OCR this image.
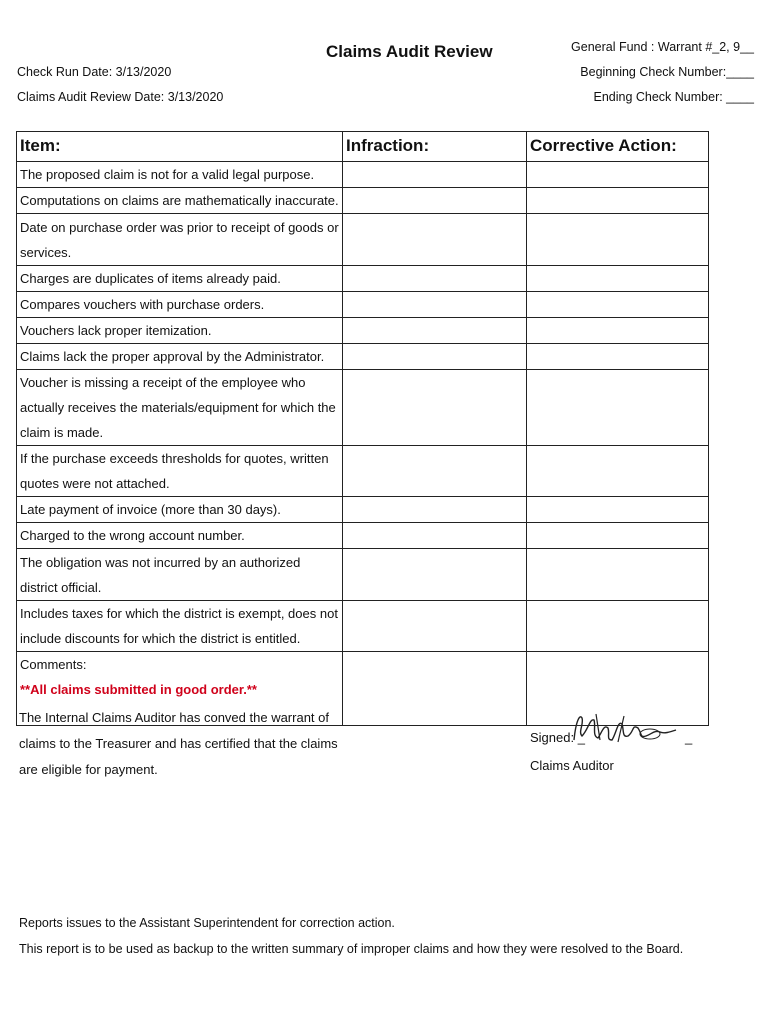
Claims Audit Review
Check Run Date: 3/13/2020
Claims Audit Review Date: 3/13/2020
General Fund : Warrant #_2, 9__
Beginning Check Number:____
Ending Check Number: ____
Item:	Infraction:	Corrective Action:
The proposed claim is not for a valid legal purpose.		
Computations on claims are mathematically inaccurate.		
Date on purchase order was prior to receipt of goods or services.		
Charges are duplicates of items already paid.		
Compares vouchers with purchase orders.		
Vouchers lack proper itemization.		
Claims lack the proper approval by the Administrator.		
Voucher is missing a receipt of the employee who actually receives the materials/equipment for which the claim is made.		
If the purchase exceeds thresholds for quotes, written quotes were not attached.		
Late payment of invoice (more than 30 days).		
Charged to the wrong account number.		
The obligation was not incurred by an authorized district official.		
Includes taxes for which the district is exempt, does not include discounts for which the district is entitled.		

Comments:
**All claims submitted in good order.**		

The Internal Claims Auditor has conved the warrant of claims to the Treasurer and has certified that the claims are eligible for payment.
Signed: _	_
Claims Auditor
Reports issues to the Assistant Superintendent for correction action.
This report is to be used as backup to the written summary of improper claims and how they were resolved to the Board.
